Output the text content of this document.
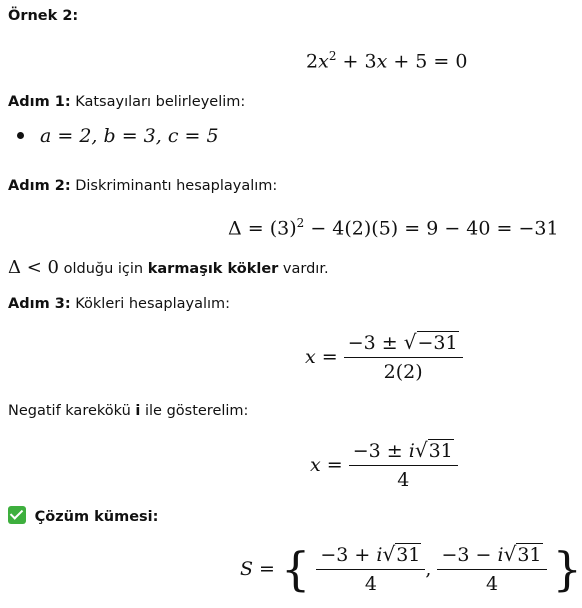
Örnek 2:
$2x^2 + 3x + 5 = 0$
Adım 1: Katsayıları belirleyelim:
a = 2, b = 3, c = 5
Adım 2: Diskriminantı hesaplayalım:
$\Delta = (3)^2 - 4(2)(5) = 9 - 40 = -31$
Δ < 0 olduğu için karmaşık kökler vardır.
Adım 3: Kökleri hesaplayalım:
$x = \frac{-3 \pm √-31}{2(2)}$
Negatif karekökü i ile gösterelim:
$x = \frac{-3 \pm i√31}{4}$
Çözüm kümesi:
S = { $\frac{-3 + i√31}{4}$ , $\frac{-3 - i√31}{4}$ }
